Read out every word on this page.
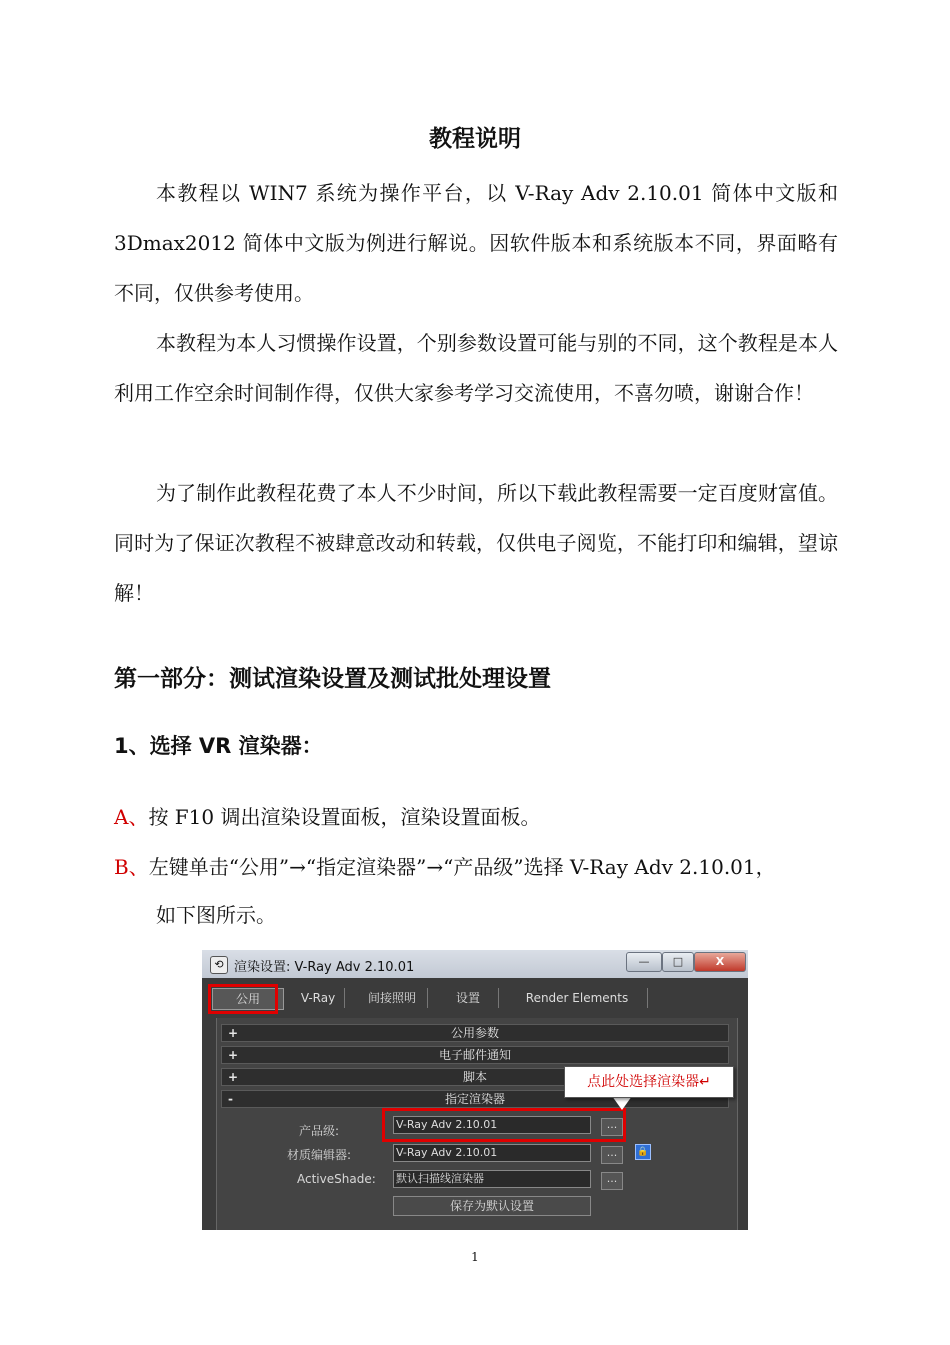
教程说明

本教程以 WIN7 系统为操作平台，以 V-Ray Adv 2.10.01 简体中文版和 3Dmax2012 简体中文版为例进行解说。因软件版本和系统版本不同，界面略有不同，仅供参考使用。

本教程为本人习惯操作设置，个别参数设置可能与别的不同，这个教程是本人利用工作空余时间制作得，仅供大家参考学习交流使用，不喜勿喷，谢谢合作！

为了制作此教程花费了本人不少时间，所以下载此教程需要一定百度财富值。同时为了保证次教程不被肆意改动和转载，仅供电子阅览，不能打印和编辑，望谅解！

第一部分：测试渲染设置及测试批处理设置
1、选择 VR 渲染器：
A、按 F10 调出渲染设置面板，渲染设置面板。
B、左键单击“公用”→“指定渲染器”→“产品级”选择 V-Ray Adv 2.10.01，
如下图所示。
⟲ 渲染设置: V-Ray Adv 2.10.01	—	□	X
公用	V-Ray	间接照明	设置	Render Elements
+	公用参数
+	电子邮件通知
+	脚本
-	指定渲染器
产品级:	V-Ray Adv 2.10.01	...
材质编辑器:	V-Ray Adv 2.10.01	...	🔒
ActiveShade: 默认扫描线渲染器	...
保存为默认设置
点此处选择渲染器↵
1
